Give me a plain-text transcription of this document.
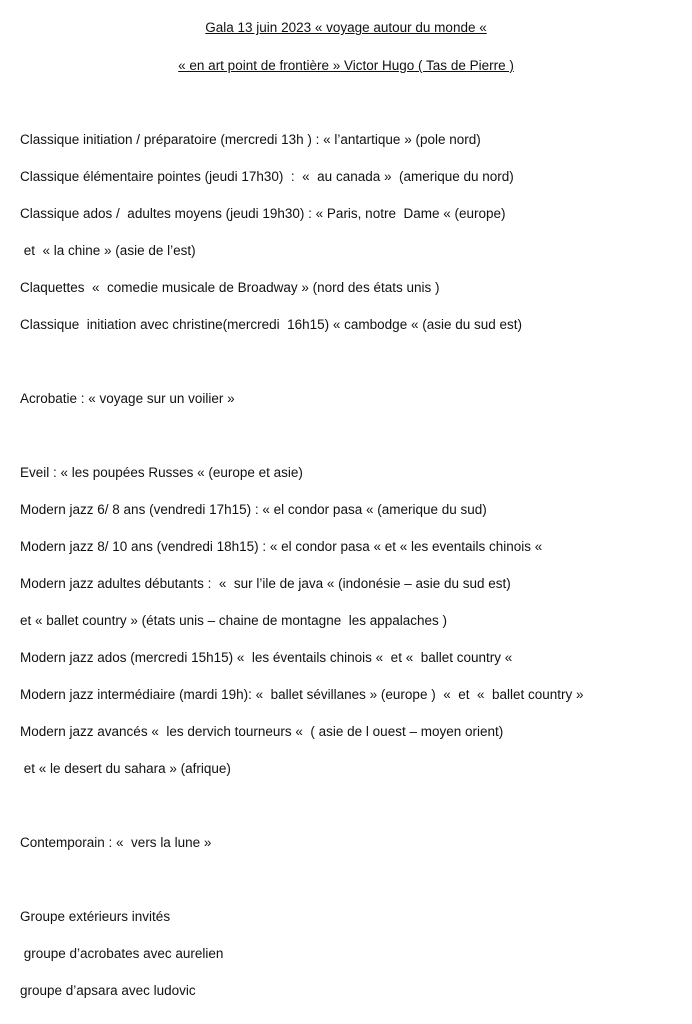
Gala 13 juin 2023 « voyage autour du monde «
« en art point de frontière » Victor Hugo ( Tas de Pierre )
Classique initiation / préparatoire (mercredi 13h ) : « l’antartique » (pole nord)
Classique élémentaire pointes (jeudi 17h30)  :  «  au canada »  (amerique du nord)
Classique ados /  adultes moyens (jeudi 19h30) : « Paris, notre  Dame « (europe)
et  « la chine » (asie de l’est)
Claquettes  «  comedie musicale de Broadway » (nord des états unis )
Classique  initiation avec christine(mercredi  16h15) « cambodge « (asie du sud est)
Acrobatie : « voyage sur un voilier »
Eveil : « les poupées Russes « (europe et asie)
Modern jazz 6/ 8 ans (vendredi 17h15) : « el condor pasa « (amerique du sud)
Modern jazz 8/ 10 ans (vendredi 18h15) : « el condor pasa « et « les eventails chinois «
Modern jazz adultes débutants :  «  sur l’ile de java « (indonésie – asie du sud est)
et « ballet country » (états unis – chaine de montagne  les appalaches )
Modern jazz ados (mercredi 15h15) «  les éventails chinois «  et «  ballet country «
Modern jazz intermédiaire (mardi 19h): «  ballet sévillanes » (europe )  «  et  «  ballet country »
Modern jazz avancés «  les dervich tourneurs «  ( asie de l ouest – moyen orient)
et « le desert du sahara » (afrique)
Contemporain : «  vers la lune »
Groupe extérieurs invités
groupe d’acrobates avec aurelien
groupe d’apsara avec ludovic
